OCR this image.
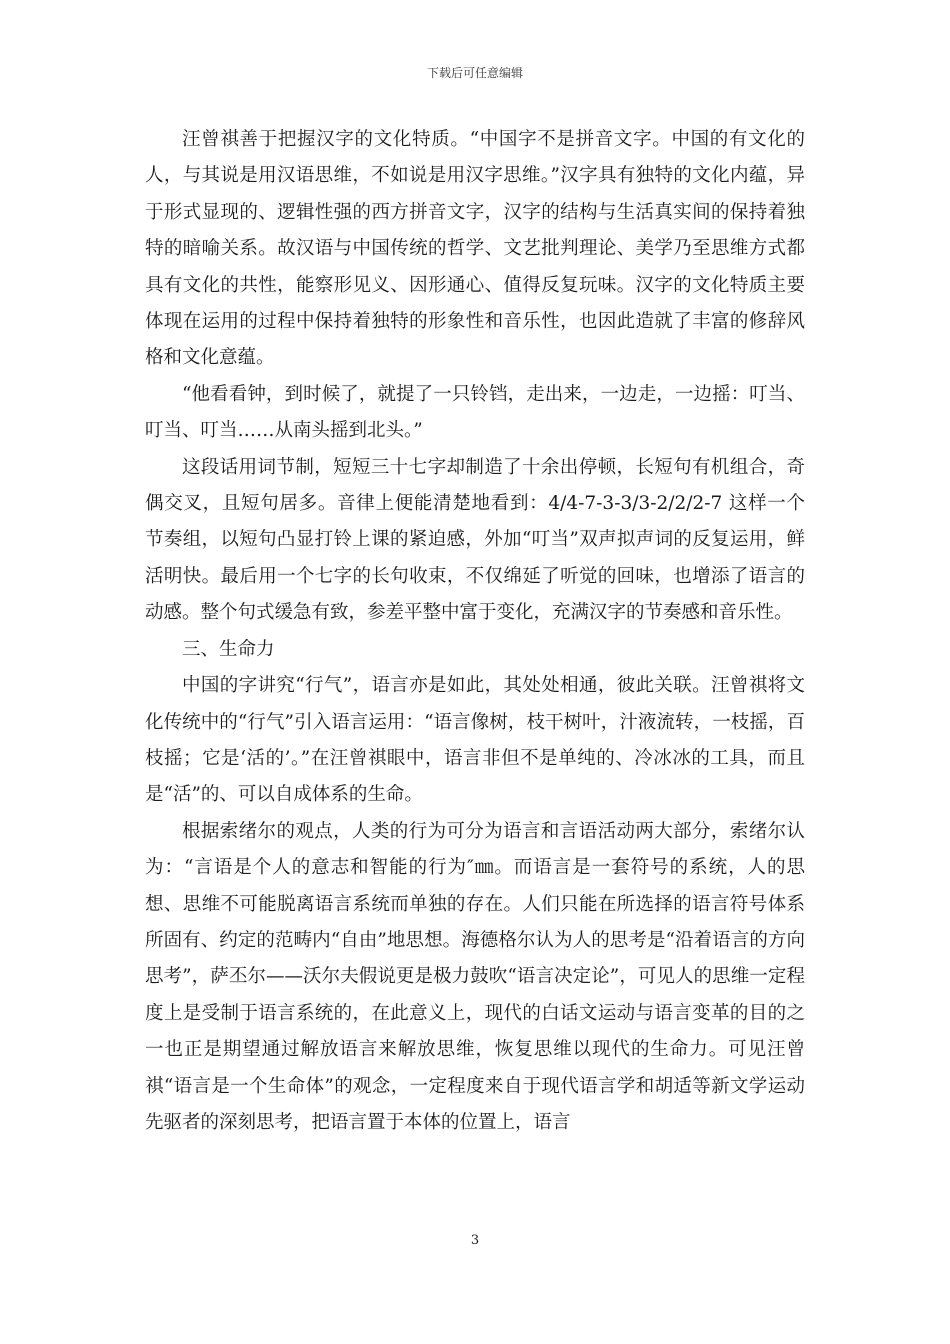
下载后可任意编辑

汪曾祺善于把握汉字的文化特质。“中国字不是拼音文字。中国的有文化的人，与其说是用汉语思维，不如说是用汉字思维。”汉字具有独特的文化内蕴，异于形式显现的、逻辑性强的西方拼音文字，汉字的结构与生活真实间的保持着独特的暗喻关系。故汉语与中国传统的哲学、文艺批判理论、美学乃至思维方式都具有文化的共性，能察形见义、因形通心、值得反复玩味。汉字的文化特质主要体现在运用的过程中保持着独特的形象性和音乐性，也因此造就了丰富的修辞风格和文化意蕴。

“他看看钟，到时候了，就提了一只铃铛，走出来，一边走，一边摇：叮当、叮当、叮当……从南头摇到北头。”

这段话用词节制，短短三十七字却制造了十余出停顿，长短句有机组合，奇偶交叉，且短句居多。音律上便能清楚地看到：4/4-7-3-3/3-2/2/2-7 这样一个节奏组，以短句凸显打铃上课的紧迫感，外加“叮当”双声拟声词的反复运用，鲜活明快。最后用一个七字的长句收束，不仅绵延了听觉的回味，也增添了语言的动感。整个句式缓急有致，参差平整中富于变化，充满汉字的节奏感和音乐性。

三、生命力

中国的字讲究“行气”，语言亦是如此，其处处相通，彼此关联。汪曾祺将文化传统中的“行气”引入语言运用：“语言像树，枝干树叶，汁液流转，一枝摇，百枝摇；它是‘活的’。”在汪曾祺眼中，语言非但不是单纯的、冷冰冰的工具，而且是“活”的、可以自成体系的生命。

根据索绪尔的观点，人类的行为可分为语言和言语活动两大部分，索绪尔认为：“言语是个人的意志和智能的行为″㎜。而语言是一套符号的系统，人的思想、思维不可能脱离语言系统而单独的存在。人们只能在所选择的语言符号体系所固有、约定的范畴内“自由”地思想。海德格尔认为人的思考是“沿着语言的方向思考”，萨丕尔——沃尔夫假说更是极力鼓吹“语言决定论”，可见人的思维一定程度上是受制于语言系统的，在此意义上，现代的白话文运动与语言变革的目的之一也正是期望通过解放语言来解放思维，恢复思维以现代的生命力。可见汪曾祺“语言是一个生命体”的观念，一定程度来自于现代语言学和胡适等新文学运动先驱者的深刻思考，把语言置于本体的位置上，语言

3
